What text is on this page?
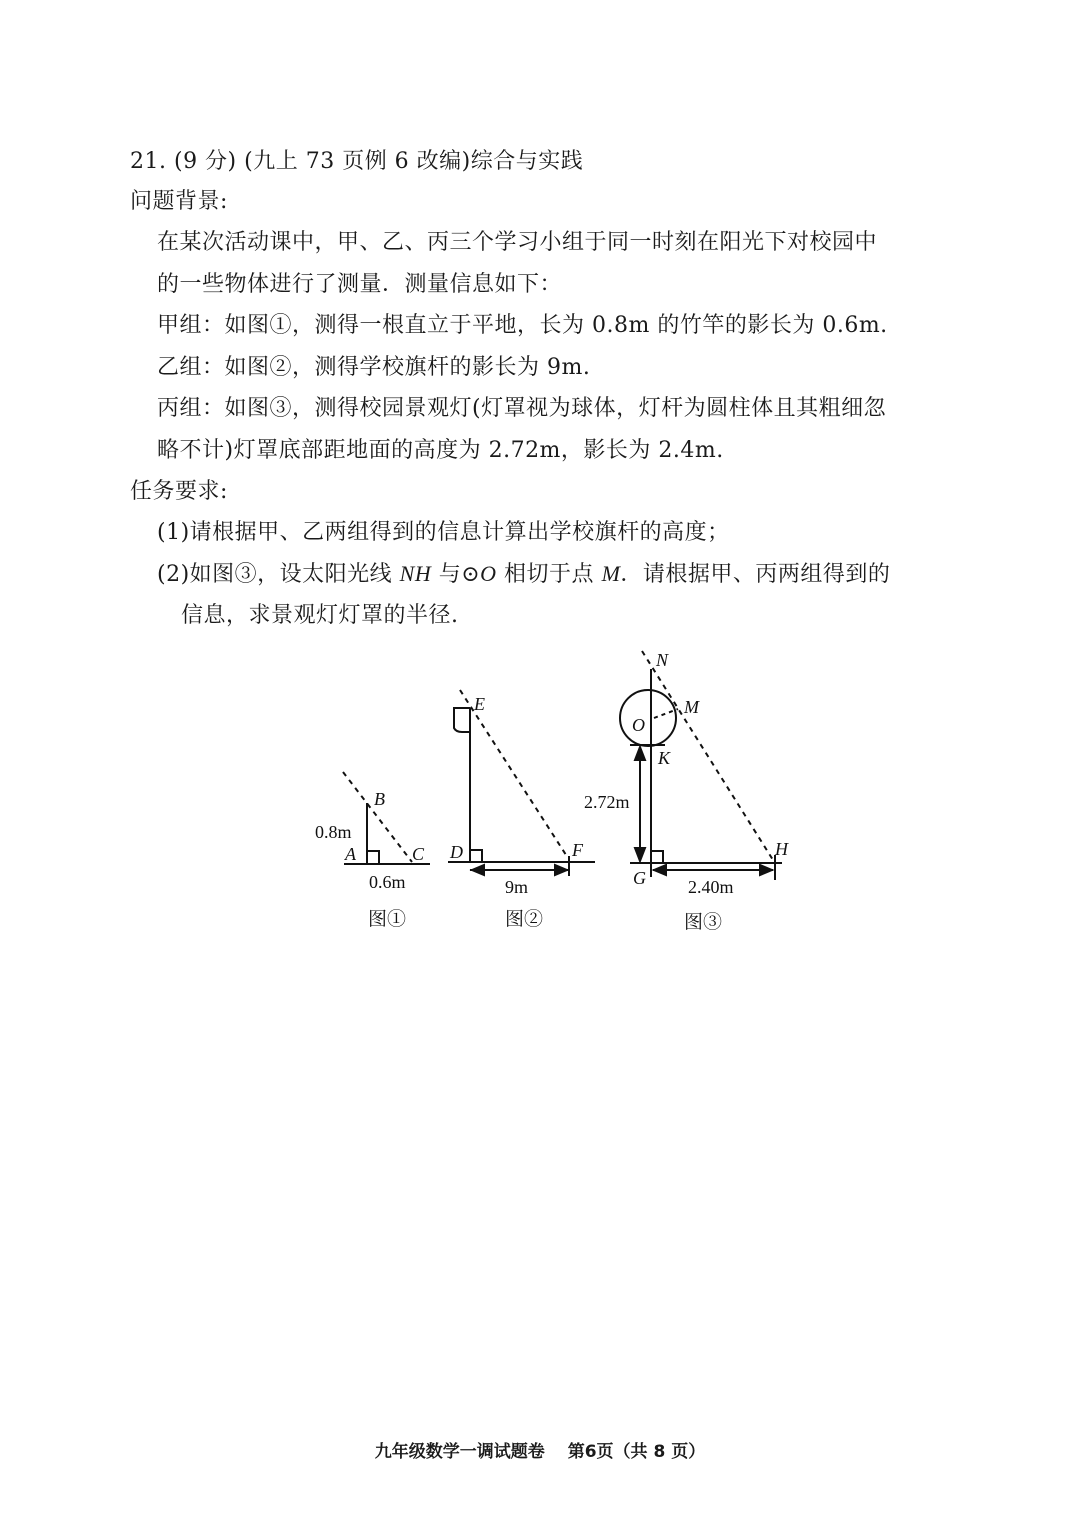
21. (9 分) (九上 73 页例 6 改编)综合与实践
问题背景:
在某次活动课中，甲、乙、丙三个学习小组于同一时刻在阳光下对校园中
的一些物体进行了测量．测量信息如下：
甲组：如图①，测得一根直立于平地，长为 0.8m 的竹竿的影长为 0.6m.
乙组：如图②，测得学校旗杆的影长为 9m.
丙组：如图③，测得校园景观灯(灯罩视为球体，灯杆为圆柱体且其粗细忽
略不计)灯罩底部距地面的高度为 2.72m，影长为 2.4m.
任务要求:
(1)请根据甲、乙两组得到的信息计算出学校旗杆的高度；
(2)如图③，设太阳光线 NH 与⊙O 相切于点 M．请根据甲、丙两组得到的
信息，求景观灯灯罩的半径.
B
A	C
0.8m
0.6m
图①
E
D	F
9m
图②
N
M
O
K
G
H
2.72m
2.40m
图③
九年级数学一调试题卷　 第6页（共 8 页）
